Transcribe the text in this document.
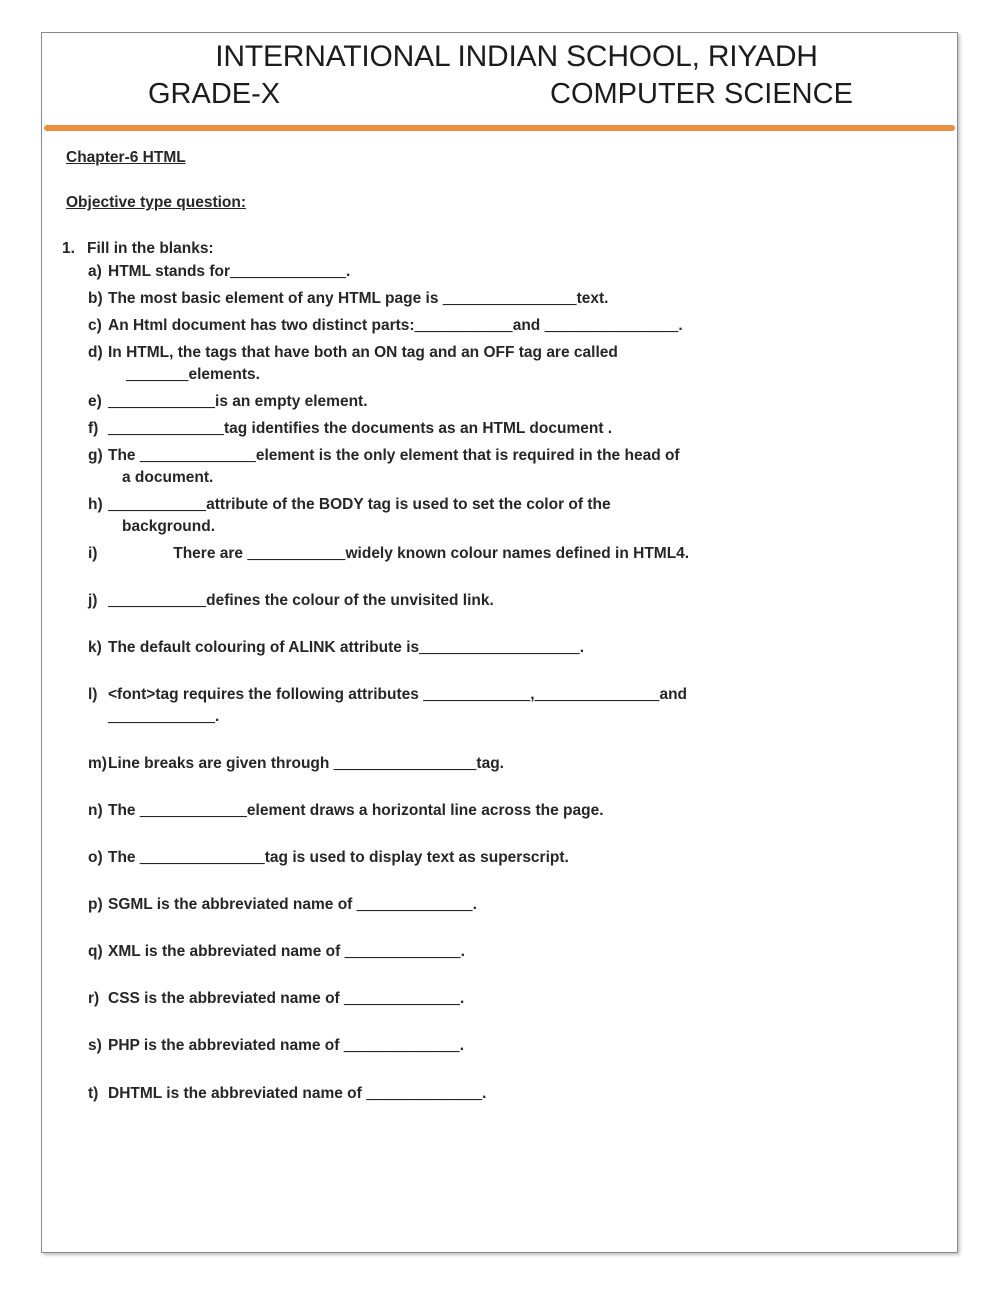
INTERNATIONAL INDIAN SCHOOL, RIYADH
GRADE-X	COMPUTER SCIENCE
Chapter-6 HTML
Objective type question:
1. Fill in the blanks:
a) HTML stands for_____________.
b) The most basic element of any HTML page is _______________text.
c) An Html document has two distinct parts:___________and _______________.
d) In HTML, the tags that have both an ON tag and an OFF tag are called
_______elements.
e) ____________is an empty element.
f) _____________tag identifies the documents as an HTML document .
g) The _____________element is the only element that is required in the head of
a document.
h) ___________attribute of the BODY tag is used to set the color of the
background.
i)	  There are ___________widely known colour names defined in HTML4.
j) ___________defines the colour of the unvisited link.
k) The default colouring of ALINK attribute is__________________.
l) <font>tag requires the following attributes ____________,______________and
____________.
m) Line breaks are given through ________________tag.
n) The ____________element draws a horizontal line across the page.
o) The ______________tag is used to display text as superscript.
p) SGML is the abbreviated name of _____________.
q) XML is the abbreviated name of _____________.
r) CSS is the abbreviated name of _____________.
s) PHP is the abbreviated name of _____________.
t) DHTML is the abbreviated name of _____________.
